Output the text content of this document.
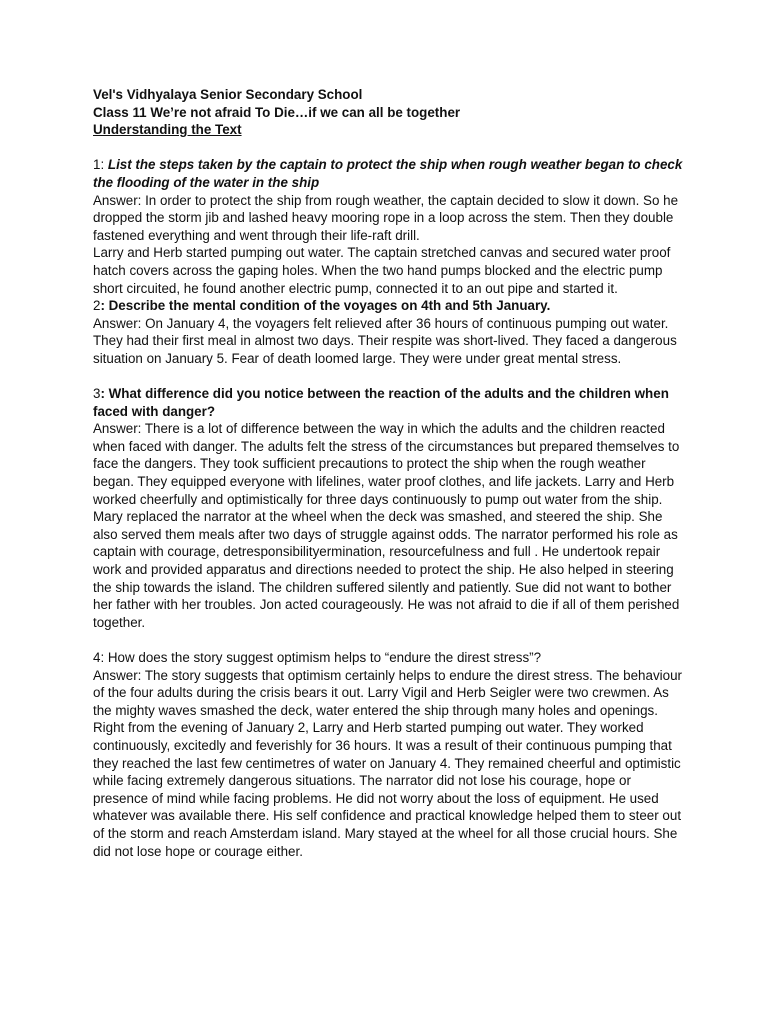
Vel's Vidhyalaya Senior Secondary School

Class 11 We’re not afraid To Die…if we can all be together

Understanding the Text

1: List the steps taken by the captain to protect the ship when rough weather began to check the flooding of the water in the ship

Answer: In order to protect the ship from rough weather, the captain decided to slow it down. So he dropped the storm jib and lashed heavy mooring rope in a loop across the stem. Then they double fastened everything and went through their life-raft drill.

Larry and Herb started pumping out water. The captain stretched canvas and secured water proof hatch covers across the gaping holes. When the two hand pumps blocked and the electric pump short circuited, he found another electric pump, connected it to an out pipe and started it.

2: Describe the mental condition of the voyages on 4th and 5th January.

Answer: On January 4, the voyagers felt relieved after 36 hours of continuous pumping out water. They had their first meal in almost two days. Their respite was short-lived. They faced a dangerous situation on January 5. Fear of death loomed large. They were under great mental stress.

3: What difference did you notice between the reaction of the adults and the children when faced with danger?

Answer: There is a lot of difference between the way in which the adults and the children reacted when faced with danger. The adults felt the stress of the circumstances but prepared themselves to face the dangers. They took sufficient precautions to protect the ship when the rough weather began. They equipped everyone with lifelines, water proof clothes, and life jackets. Larry and Herb worked cheerfully and optimistically for three days continuously to pump out water from the ship. Mary replaced the narrator at the wheel when the deck was smashed, and steered the ship. She also served them meals after two days of struggle against odds. The narrator performed his role as captain with courage, detresponsibilityermination, resourcefulness and full . He undertook repair work and provided apparatus and directions needed to protect the ship. He also helped in steering the ship towards the island. The children suffered silently and patiently. Sue did not want to bother her father with her troubles. Jon acted courageously. He was not afraid to die if all of them perished together.

4: How does the story suggest optimism helps to “endure the direst stress”?

Answer: The story suggests that optimism certainly helps to endure the direst stress. The behaviour of the four adults during the crisis bears it out. Larry Vigil and Herb Seigler were two crewmen. As the mighty waves smashed the deck, water entered the ship through many holes and openings. Right from the evening of January 2, Larry and Herb started pumping out water. They worked continuously, excitedly and feverishly for 36 hours. It was a result of their continuous pumping that they reached the last few centimetres of water on January 4. They remained cheerful and optimistic while facing extremely dangerous situations. The narrator did not lose his courage, hope or presence of mind while facing problems. He did not worry about the loss of equipment. He used whatever was available there. His self confidence and practical knowledge helped them to steer out of the storm and reach Amsterdam island. Mary stayed at the wheel for all those crucial hours. She did not lose hope or courage either.
